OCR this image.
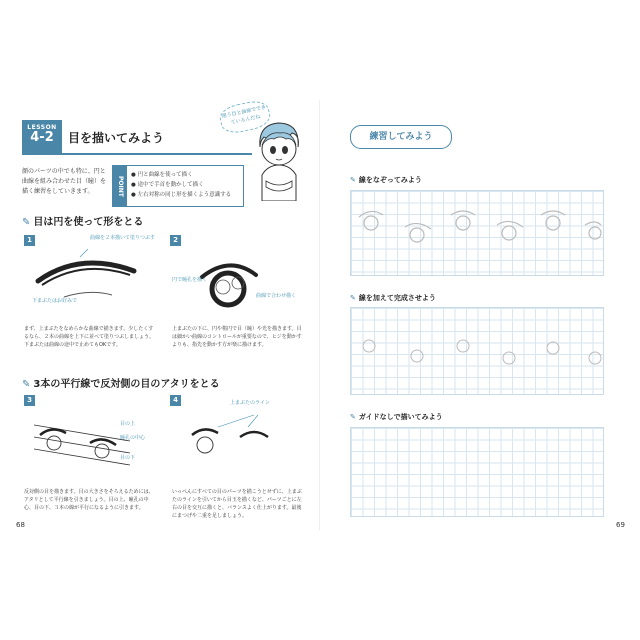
LESSON
4-2	目を描いてみよう
違う目と曲線でできているんだね
顔のパーツの中でも特に、円と曲線を組み合わせた目（瞳）を描く練習をしていきます。	POINT
● 円と曲線を使って描く
● 途中で手首を動かして描く
● 左右対称の同じ形を描くよう意識する
✎ 目は円を使って形をとる
1	曲線を２本描いて塗りつぶす
下まぶたはお好みで
まず、上まぶたをなめらかな曲線で描きます。少したくするなら、２本の曲線を上下に並べて塗りつぶしましょう。下まぶたは曲線の途中で止めてもOKです。
2
円で瞳孔を描く
曲線で合わせ描く
上まぶたの下に、円や楕円で目（瞳）や光を描きます。目は細かい曲線のコントロールが重要なので、ヒジを動かすよりも、指先を動かす方が楽に描けます。
✎ 3本の平行線で反対側の目のアタリをとる
3
目の上
瞳孔の中心
目の下
反対側の目を描きます。目の大きさをそろえるためには、アタリとして平行線を引きましょう。目の上、瞳孔の中心、目の下、３本の線が平行になるように引きます。
4	上まぶたのライン
いっぺんにすべての目のパーツを描こうとせずに、上まぶたのラインを引いてから目玉を描くなど、パーツごとに左右の目を交互に描くと、バランスよく仕上がります。最後にまつげや二重を足しましょう。
68
練習してみよう
✎ 線をなぞってみよう
✎ 線を加えて完成させよう
✎ ガイドなしで描いてみよう
69
